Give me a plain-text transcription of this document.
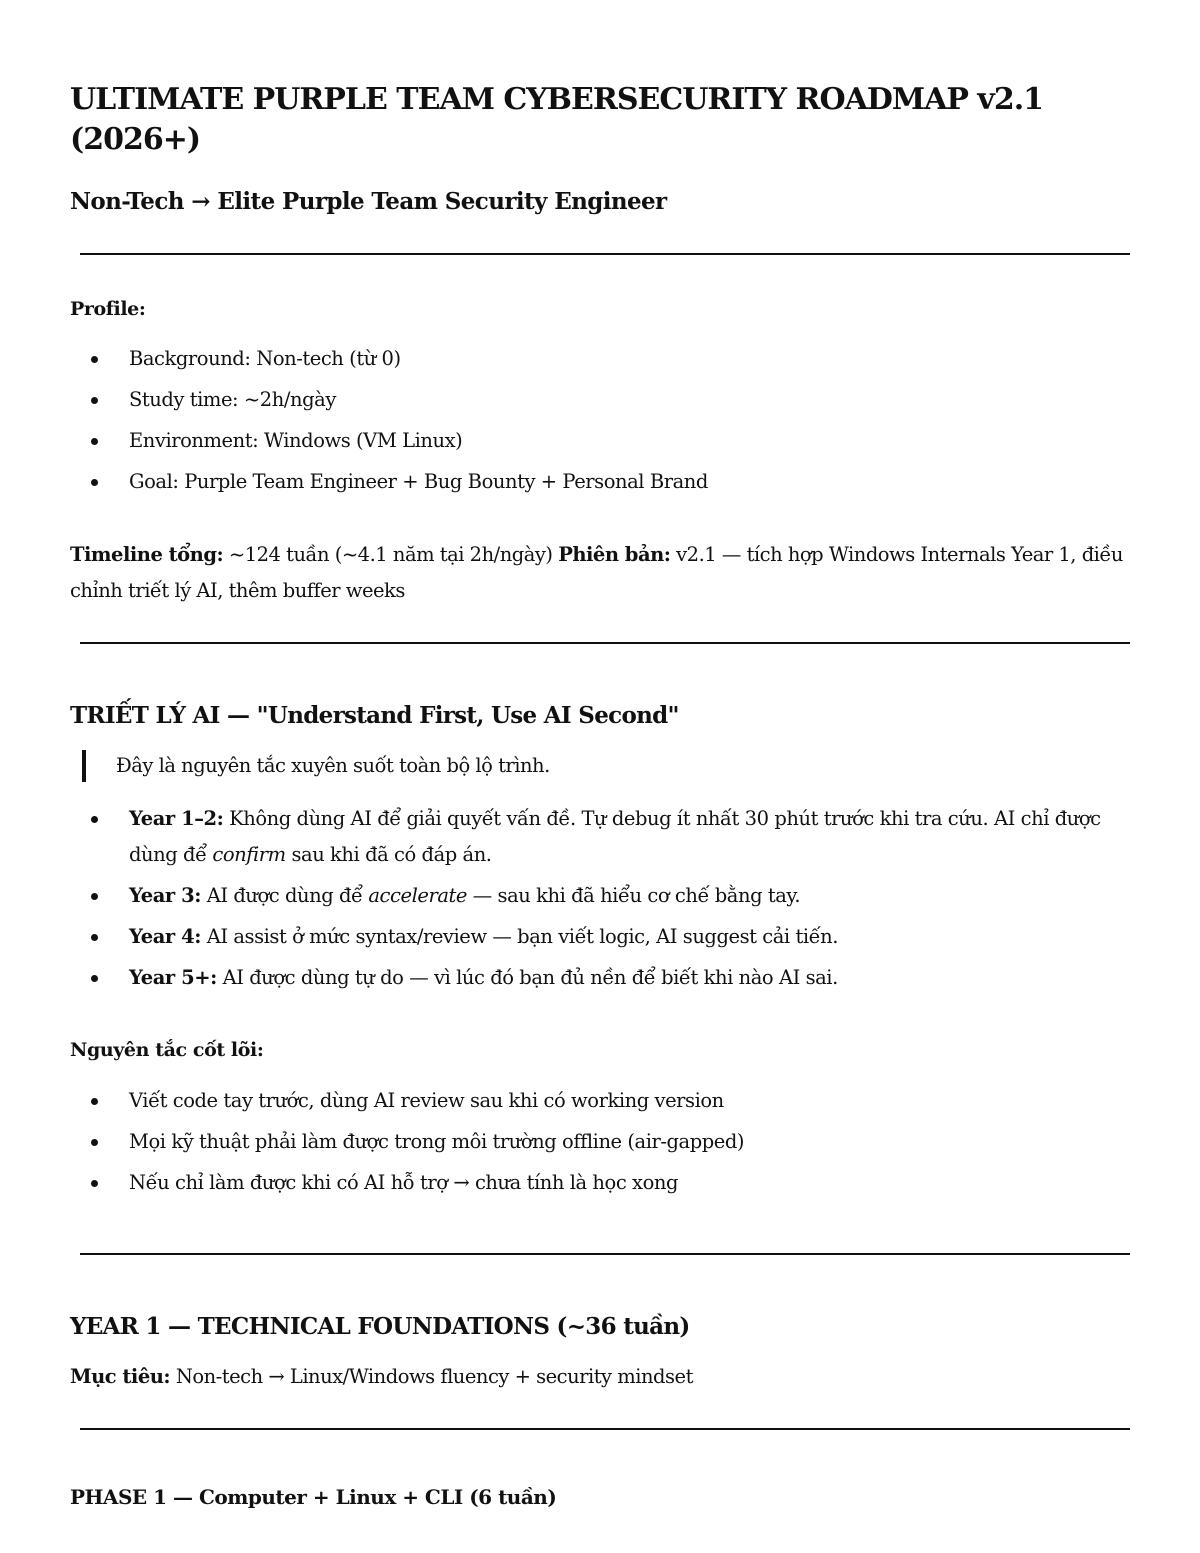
ULTIMATE PURPLE TEAM CYBERSECURITY ROADMAP v2.1 (2026+)

Non-Tech → Elite Purple Team Security Engineer

Profile:

Background: Non-tech (từ 0)
Study time: ~2h/ngày
Environment: Windows (VM Linux)
Goal: Purple Team Engineer + Bug Bounty + Personal Brand

Timeline tổng: ~124 tuần (~4.1 năm tại 2h/ngày) Phiên bản: v2.1 — tích hợp Windows Internals Year 1, điều chỉnh triết lý AI, thêm buffer weeks

TRIẾT LÝ AI — "Understand First, Use AI Second"
Đây là nguyên tắc xuyên suốt toàn bộ lộ trình.
Year 1–2: Không dùng AI để giải quyết vấn đề. Tự debug ít nhất 30 phút trước khi tra cứu. AI chỉ được dùng để confirm sau khi đã có đáp án.
Year 3: AI được dùng để accelerate — sau khi đã hiểu cơ chế bằng tay.
Year 4: AI assist ở mức syntax/review — bạn viết logic, AI suggest cải tiến.
Year 5+: AI được dùng tự do — vì lúc đó bạn đủ nền để biết khi nào AI sai.

Nguyên tắc cốt lõi:

Viết code tay trước, dùng AI review sau khi có working version
Mọi kỹ thuật phải làm được trong môi trường offline (air-gapped)
Nếu chỉ làm được khi có AI hỗ trợ → chưa tính là học xong
YEAR 1 — TECHNICAL FOUNDATIONS (~36 tuần)

Mục tiêu: Non-tech → Linux/Windows fluency + security mindset

PHASE 1 — Computer + Linux + CLI (6 tuần)
